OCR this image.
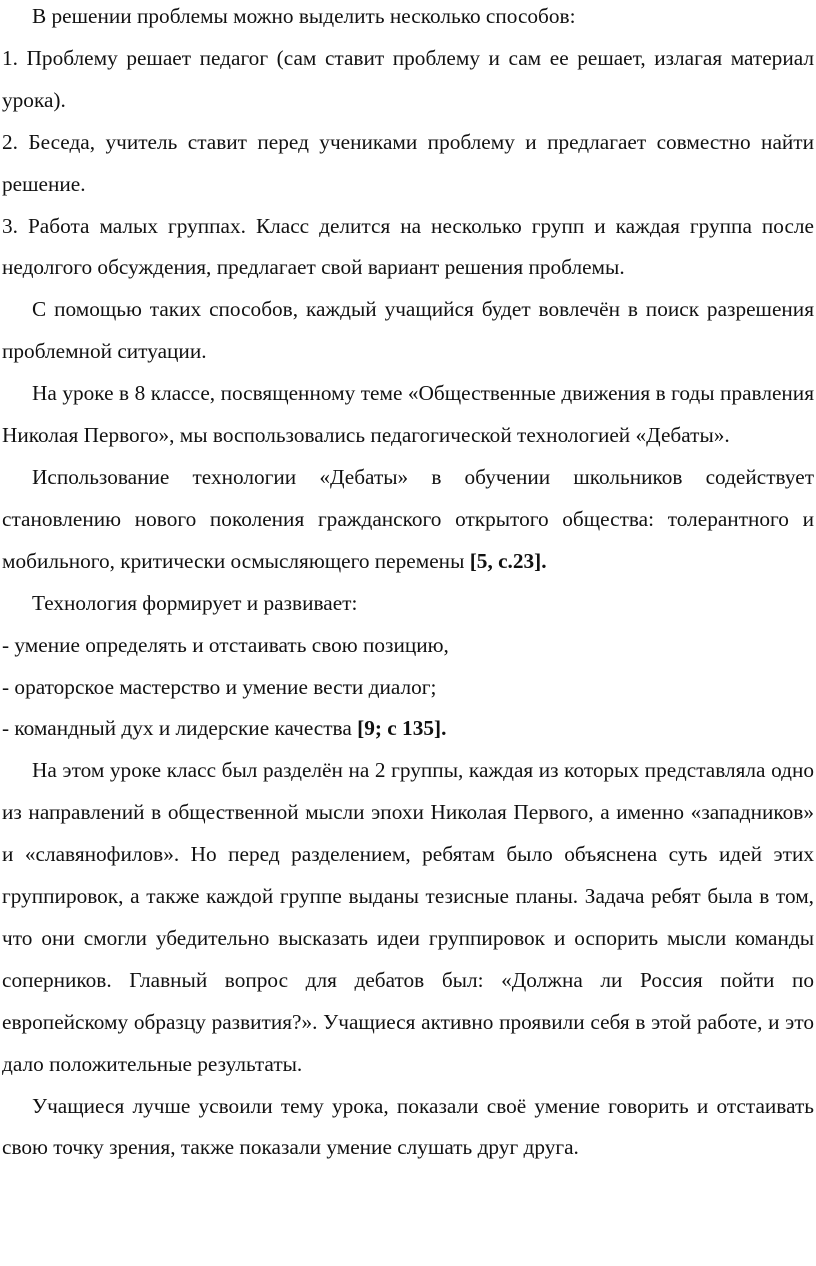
В решении проблемы можно выделить несколько способов:

1. Проблему решает педагог (сам ставит проблему и сам ее решает, излагая материал урока).

2. Беседа, учитель ставит перед учениками проблему и предлагает совместно найти решение.

3. Работа малых группах. Класс делится на несколько групп и каждая группа после недолгого обсуждения, предлагает свой вариант решения проблемы.

С помощью таких способов, каждый учащийся будет вовлечён в поиск разрешения проблемной ситуации.

На уроке в 8 классе, посвященному теме «Общественные движения в годы правления Николая Первого», мы воспользовались педагогической технологией «Дебаты».

Использование технологии «Дебаты» в обучении школьников содействует становлению нового поколения гражданского открытого общества: толерантного и мобильного, критически осмысляющего перемены [5, с.23].

Технология формирует и развивает:

- умение определять и отстаивать свою позицию,

- ораторское мастерство и умение вести диалог;

- командный дух и лидерские качества [9; с 135].

На этом уроке класс был разделён на 2 группы, каждая из которых представляла одно из направлений в общественной мысли эпохи Николая Первого, а именно «западников» и «славянофилов». Но перед разделением, ребятам было объяснена суть идей этих группировок, а также каждой группе выданы тезисные планы. Задача ребят была в том, что они смогли убедительно высказать идеи группировок и оспорить мысли команды соперников. Главный вопрос для дебатов был: «Должна ли Россия пойти по европейскому образцу развития?». Учащиеся активно проявили себя в этой работе, и это дало положительные результаты.

Учащиеся лучше усвоили тему урока, показали своё умение говорить и отстаивать свою точку зрения, также показали умение слушать друг друга.
